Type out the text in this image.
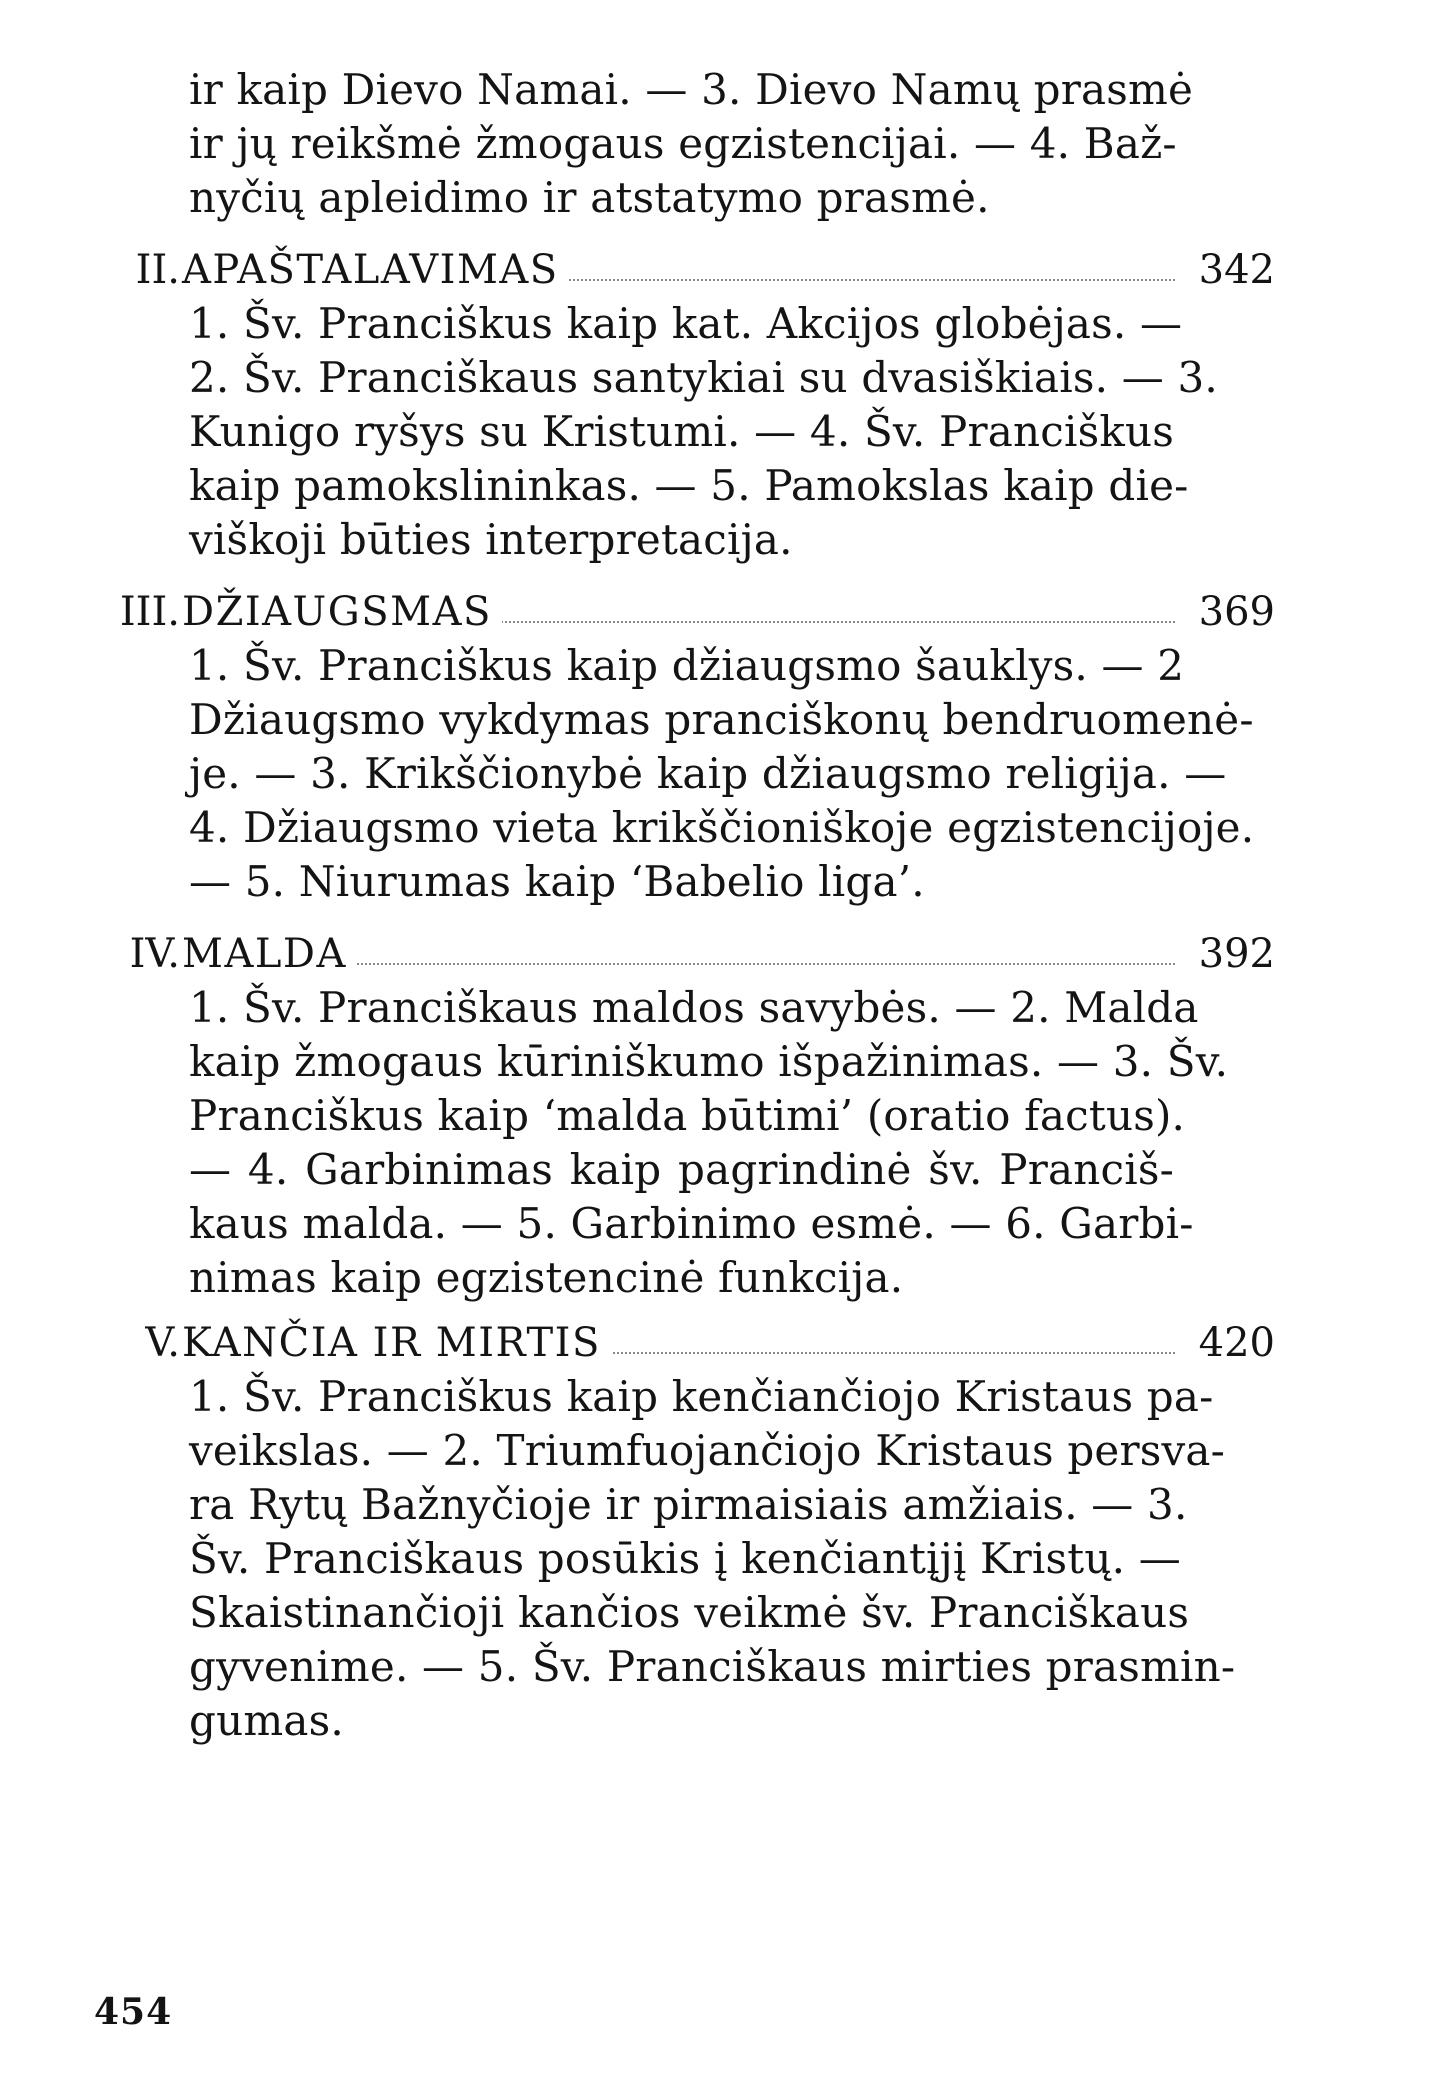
ir kaip Dievo Namai. — 3. Dievo Namų prasmė
ir jų reikšmė žmogaus egzistencijai. — 4. Baž-
nyčių apleidimo ir atstatymo prasmė.
II. APAŠTALAVIMAS	342
1. Šv. Pranciškus kaip kat. Akcijos globėjas. —
2. Šv. Pranciškaus santykiai su dvasiškiais. — 3.
Kunigo ryšys su Kristumi. — 4. Šv. Pranciškus
kaip pamokslininkas. — 5. Pamokslas kaip die-
viškoji būties interpretacija.
III. DŽIAUGSMAS	369
1. Šv. Pranciškus kaip džiaugsmo šauklys. — 2
Džiaugsmo vykdymas pranciškonų bendruomenė-
je. — 3. Krikščionybė kaip džiaugsmo religija. —
4. Džiaugsmo vieta krikščioniškoje egzistencijoje.
— 5. Niurumas kaip ‘Babelio liga’.
IV. MALDA	392
1. Šv. Pranciškaus maldos savybės. — 2. Malda
kaip žmogaus kūriniškumo išpažinimas. — 3. Šv.
Pranciškus kaip ‘malda būtimi’ (oratio factus).
— 4. Garbinimas kaip pagrindinė šv. Pranciš-
kaus malda. — 5. Garbinimo esmė. — 6. Garbi-
nimas kaip egzistencinė funkcija.
V. KANČIA IR MIRTIS	420
1. Šv. Pranciškus kaip kenčiančiojo Kristaus pa-
veikslas. — 2. Triumfuojančiojo Kristaus persva-
ra Rytų Bažnyčioje ir pirmaisiais amžiais. — 3.
Šv. Pranciškaus posūkis į kenčiantįjį Kristų. —
Skaistinančioji kančios veikmė šv. Pranciškaus
gyvenime. — 5. Šv. Pranciškaus mirties prasmin-
gumas.
454
